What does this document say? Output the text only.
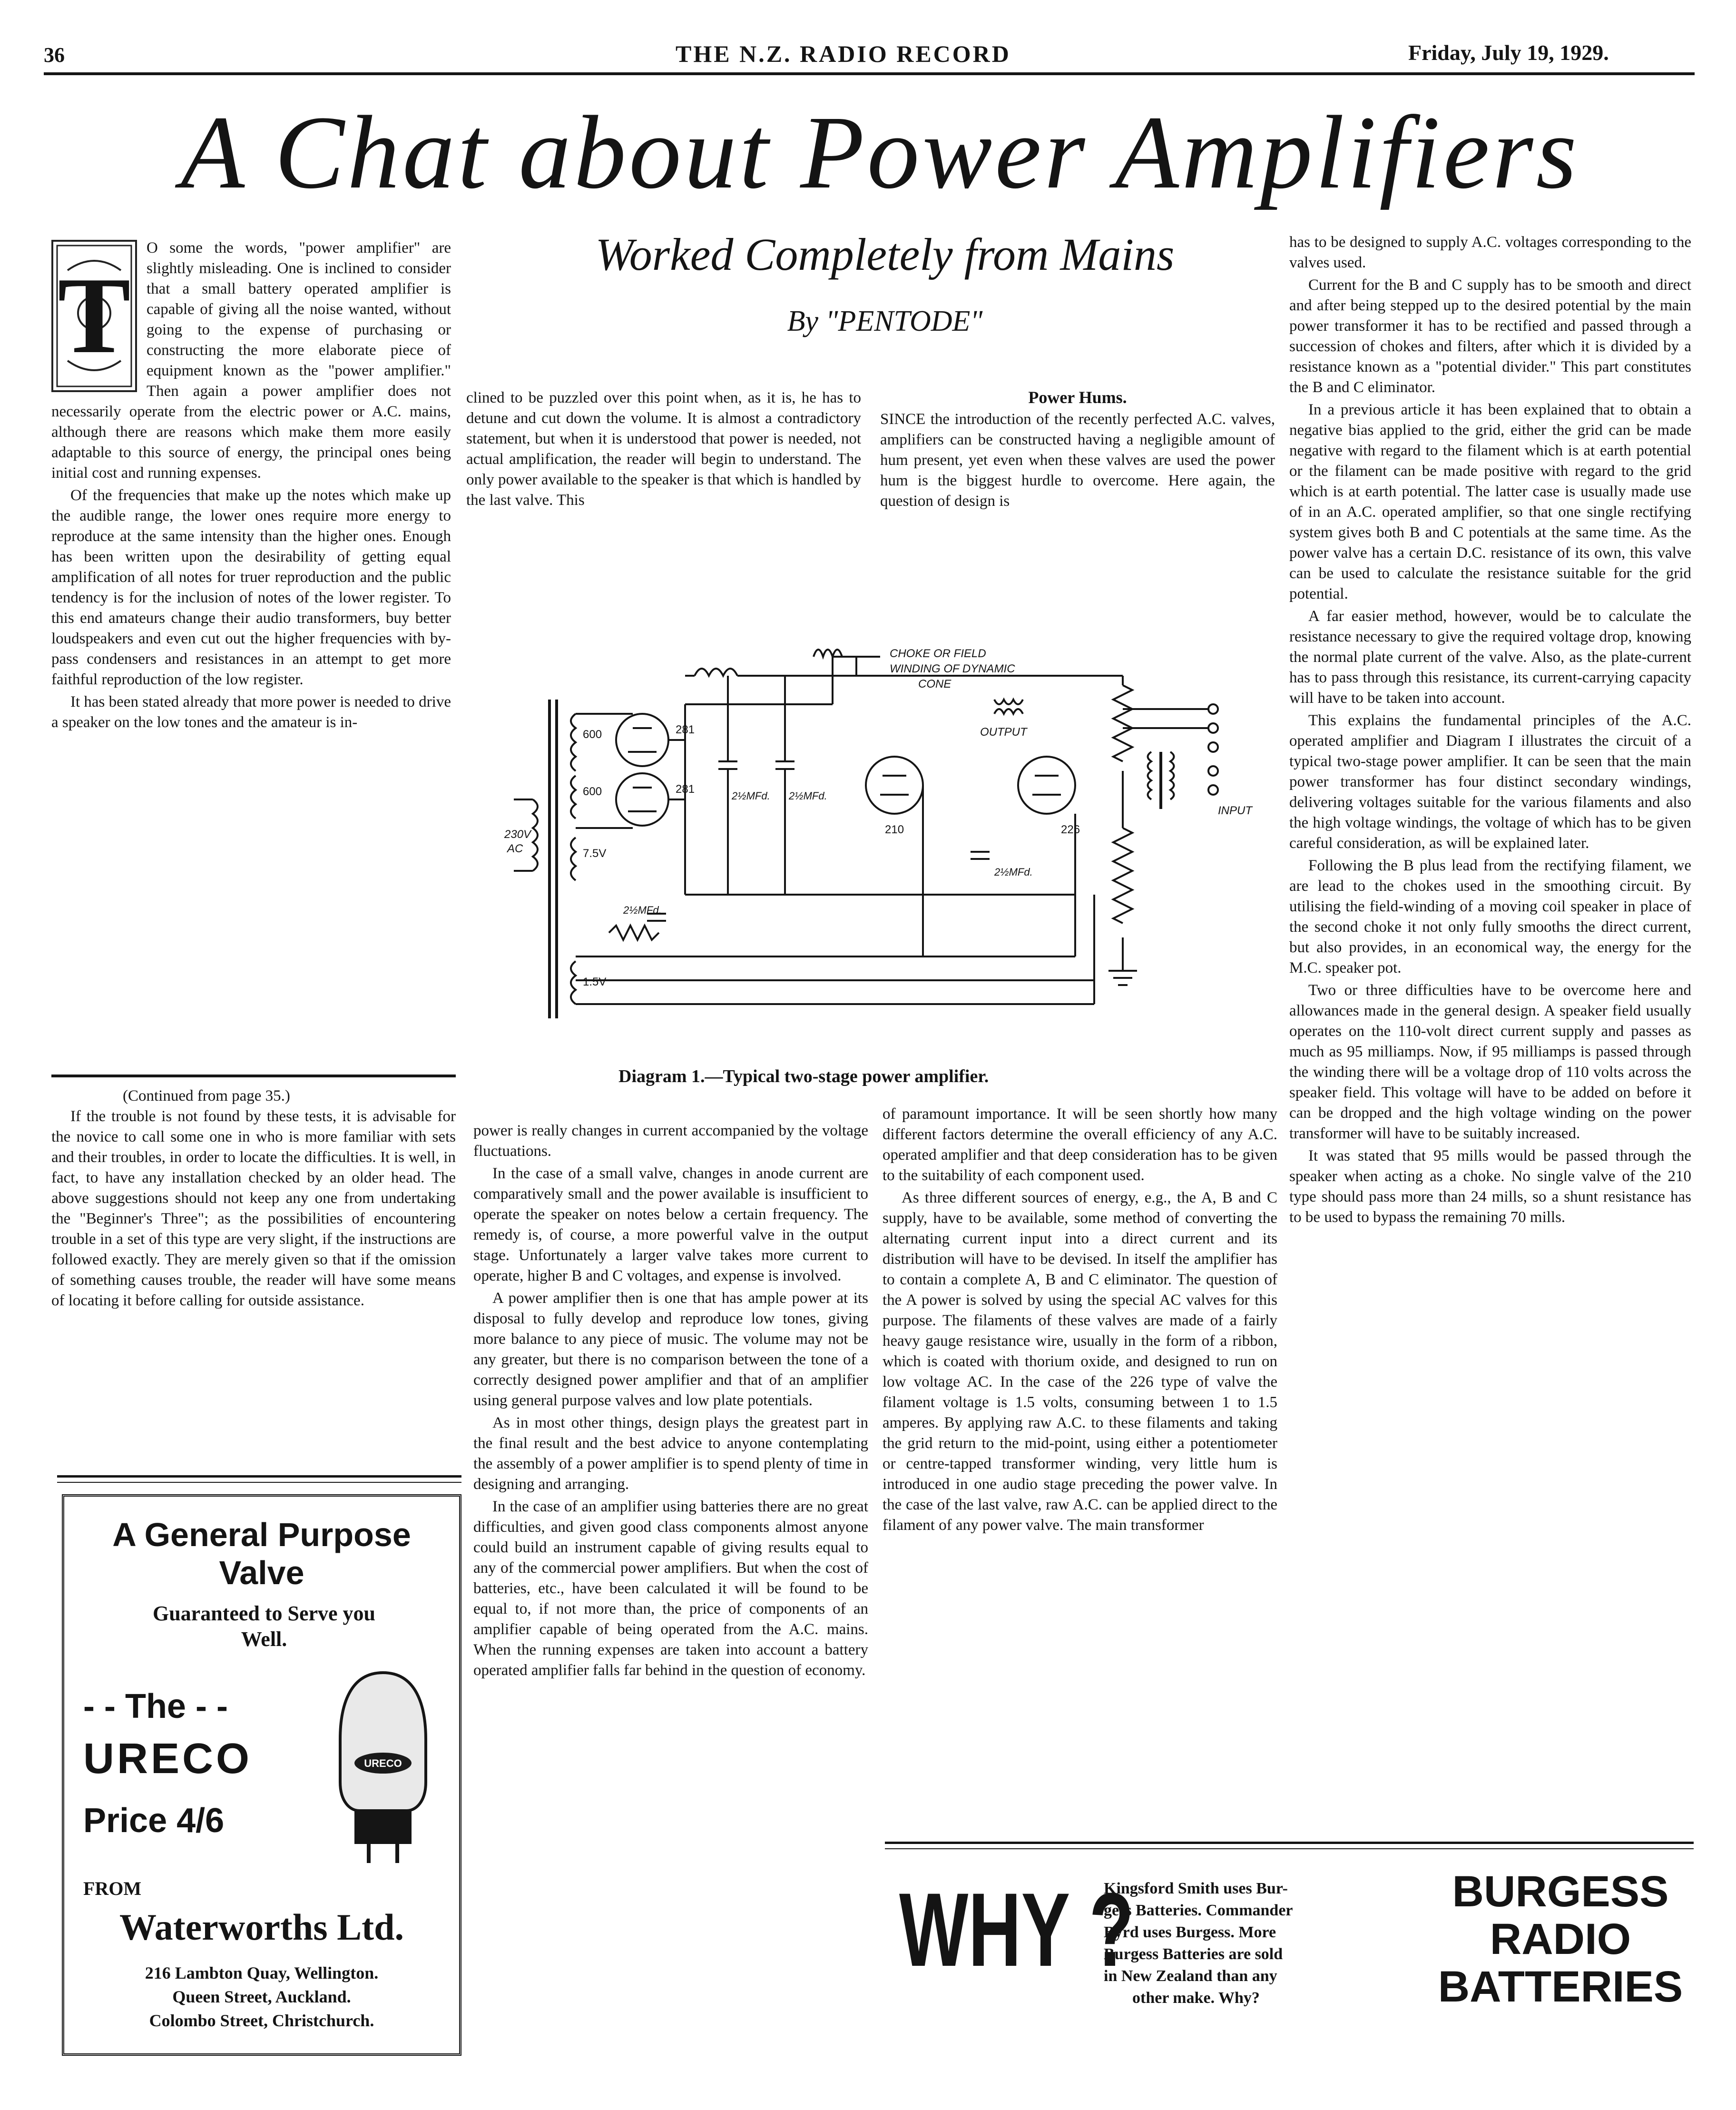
36	THE N.Z. RADIO RECORD	Friday, July 19, 1929.
A Chat about Power Amplifiers
Worked Completely from Mains
By "PENTODE"
T

O some the words, "power amplifier" are slightly misleading. One is inclined to consider that a small battery operated amplifier is capable of giving all the noise wanted, without going to the expense of purchasing or constructing the more elaborate piece of equipment known as the "power amplifier." Then again a power amplifier does not necessarily operate from the electric power or A.C. mains, although there are reasons which make them more easily adaptable to this source of energy, the principal ones being initial cost and running expenses.

Of the frequencies that make up the notes which make up the audible range, the lower ones require more energy to reproduce at the same intensity than the higher ones. Enough has been written upon the desirability of getting equal amplification of all notes for truer reproduction and the public tendency is for the inclusion of notes of the lower register. To this end amateurs change their audio transformers, buy better loudspeakers and even cut out the higher frequencies with by-pass condensers and resistances in an attempt to get more faithful reproduction of the low register.

It has been stated already that more power is needed to drive a speaker on the low tones and the amateur is in-

clined to be puzzled over this point when, as it is, he has to detune and cut down the volume. It is almost a contradictory statement, but when it is understood that power is needed, not actual amplification, the reader will begin to understand. The only power available to the speaker is that which is handled by the last valve. This

Power Hums.

SINCE the introduction of the recently perfected A.C. valves, amplifiers can be constructed having a negligible amount of hum present, yet even when these valves are used the power hum is the biggest hurdle to overcome. Here again, the question of design is

has to be designed to supply A.C. voltages corresponding to the valves used.

Current for the B and C supply has to be smooth and direct and after being stepped up to the desired potential by the main power transformer it has to be rectified and passed through a succession of chokes and filters, after which it is divided by a resistance known as a "potential divider." This part constitutes the B and C eliminator.

In a previous article it has been explained that to obtain a negative bias applied to the grid, either the grid can be made negative with regard to the filament which is at earth potential or the filament can be made positive with regard to the grid which is at earth potential. The latter case is usually made use of in an A.C. operated amplifier, so that one single rectifying system gives both B and C potentials at the same time. As the power valve has a certain D.C. resistance of its own, this valve can be used to calculate the resistance suitable for the grid potential.

A far easier method, however, would be to calculate the resistance necessary to give the required voltage drop, knowing the normal plate current of the valve. Also, as the plate-current has to pass through this resistance, its current-carrying capacity will have to be taken into account.

This explains the fundamental principles of the A.C. operated amplifier and Diagram I illustrates the circuit of a typical two-stage power amplifier. It can be seen that the main power transformer has four distinct secondary windings, delivering voltages suitable for the various filaments and also the high voltage windings, the voltage of which has to be given careful consideration, as will be explained later.

Following the B plus lead from the rectifying filament, we are lead to the chokes used in the smoothing circuit. By utilising the field-winding of a moving coil speaker in place of the second choke it not only fully smooths the direct current, but also provides, in an economical way, the energy for the M.C. speaker pot.

Two or three difficulties have to be overcome here and allowances made in the general design. A speaker field usually operates on the 110-volt direct current supply and passes as much as 95 milliamps. Now, if 95 milliamps is passed through the winding there will be a voltage drop of 110 volts across the speaker field. This voltage will have to be added on before it can be dropped and the high voltage winding on the power transformer will have to be suitably increased.

It was stated that 95 mills would be passed through the speaker when acting as a choke. No single valve of the 210 type should pass more than 24 mills, so a shunt resistance has to be used to bypass the remaining 70 mills.

CHOKE OR FIELD
WINDING OF DYNAMIC
CONE
OUTPUT
INPUT
600
600
7.5V
1.5V
230V
AC
281
281
2½MFd. 2½MFd.
2½MFd.
2½MFd.
210	226
Diagram 1.—Typical two-stage power amplifier.
(Continued from page 35.)

If the trouble is not found by these tests, it is advisable for the novice to call some one in who is more familiar with sets and their troubles, in order to locate the difficulties. It is well, in fact, to have any installation checked by an older head. The above suggestions should not keep any one from undertaking the "Beginner's Three"; as the possibilities of encountering trouble in a set of this type are very slight, if the instructions are followed exactly. They are merely given so that if the omission of something causes trouble, the reader will have some means of locating it before calling for outside assistance.

power is really changes in current accompanied by the voltage fluctuations.

In the case of a small valve, changes in anode current are comparatively small and the power available is insufficient to operate the speaker on notes below a certain frequency. The remedy is, of course, a more powerful valve in the output stage. Unfortunately a larger valve takes more current to operate, higher B and C voltages, and expense is involved.

A power amplifier then is one that has ample power at its disposal to fully develop and reproduce low tones, giving more balance to any piece of music. The volume may not be any greater, but there is no comparison between the tone of a correctly designed power amplifier and that of an amplifier using general purpose valves and low plate potentials.

As in most other things, design plays the greatest part in the final result and the best advice to anyone contemplating the assembly of a power amplifier is to spend plenty of time in designing and arranging.

In the case of an amplifier using batteries there are no great difficulties, and given good class components almost anyone could build an instrument capable of giving results equal to any of the commercial power amplifiers. But when the cost of batteries, etc., have been calculated it will be found to be equal to, if not more than, the price of components of an amplifier capable of being operated from the A.C. mains. When the running expenses are taken into account a battery operated amplifier falls far behind in the question of economy.

of paramount importance. It will be seen shortly how many different factors determine the overall efficiency of any A.C. operated amplifier and that deep consideration has to be given to the suitability of each component used.

As three different sources of energy, e.g., the A, B and C supply, have to be available, some method of converting the alternating current input into a direct current and its distribution will have to be devised. In itself the amplifier has to contain a complete A, B and C eliminator. The question of the A power is solved by using the special AC valves for this purpose. The filaments of these valves are made of a fairly heavy gauge resistance wire, usually in the form of a ribbon, which is coated with thorium oxide, and designed to run on low voltage AC. In the case of the 226 type of valve the filament voltage is 1.5 volts, consuming between 1 to 1.5 amperes. By applying raw A.C. to these filaments and taking the grid return to the mid-point, using either a potentiometer or centre-tapped transformer winding, very little hum is introduced in one audio stage preceding the power valve. In the case of the last valve, raw A.C. can be applied direct to the filament of any power valve. The main transformer

A General Purpose
Valve
Guaranteed to Serve you
Well.
- - The - -
URECO
Price 4/6
URECO
FROM
Waterworths Ltd.
216 Lambton Quay, Wellington.
Queen Street, Auckland.
Colombo Street, Christchurch.
WHY ?
Kingsford Smith uses Bur-
gess Batteries. Commander
Byrd uses Burgess. More
Burgess Batteries are sold
in New Zealand than any
other make. Why?
BURGESS
RADIO
BATTERIES
